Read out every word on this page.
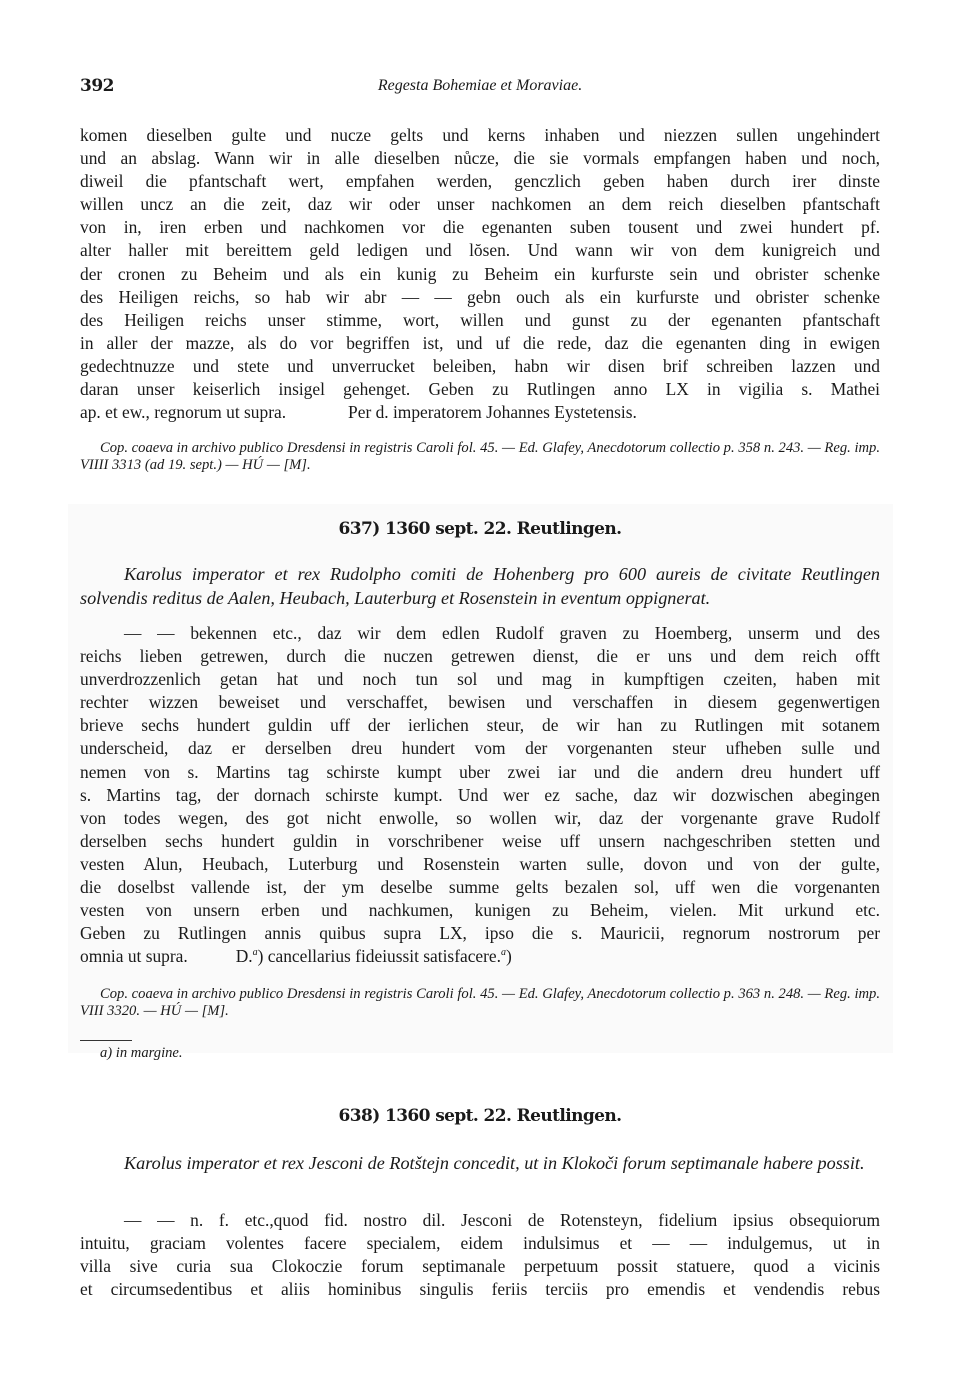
392	Regesta Bohemiae et Moraviae.

komen dieselben gulte und nucze gelts und kerns inhaben und niezzen sullen ungehindert

und an abslag. Wann wir in alle dieselben nůcze, die sie vormals empfangen haben und noch,

diweil die pfantschaft wert, empfahen werden, genczlich geben haben durch irer dinste

willen uncz an die zeit, daz wir oder unser nachkomen an dem reich dieselben pfantschaft

von in, iren erben und nachkomen vor die egenanten suben tousent und zwei hundert pf.

alter haller mit bereittem geld ledigen und lŏsen. Und wann wir von dem kunigreich und

der cronen zu Beheim und als ein kunig zu Beheim ein kurfurste sein und obrister schenke

des Heiligen reichs, so hab wir abr — — gebn ouch als ein kurfurste und obrister schenke

des Heiligen reichs unser stimme, wort, willen und gunst zu der egenanten pfantschaft

in aller der mazze, als do vor begriffen ist, und uf die rede, daz die egenanten ding in ewigen

gedechtnuzze und stete und unverrucket beleiben, habn wir disen brif schreiben lazzen und

daran unser keiserlich insigel gehenget. Geben zu Rutlingen anno LX in vigilia s. Mathei

ap. et ew., regnorum ut supra.	Per d. imperatorem Johannes Eystetensis.

Cop. coaeva in archivo publico Dresdensi in registris Caroli fol. 45. — Ed. Glafey, Anecdotorum collectio p. 358 n. 243. — Reg. imp. VIIII 3313 (ad 19. sept.) — HÚ — [M].

637) 1360 sept. 22. Reutlingen.

Karolus imperator et rex Rudolpho comiti de Hohenberg pro 600 aureis de civitate Reutlingen solvendis reditus de Aalen, Heubach, Lauterburg et Rosenstein in eventum oppignerat.

— — bekennen etc., daz wir dem edlen Rudolf graven zu Hoemberg, unserm und des

reichs lieben getrewen, durch die nuczen getrewen dienst, die er uns und dem reich offt

unverdrozzenlich getan hat und noch tun sol und mag in kumpftigen czeiten, haben mit

rechter wizzen beweiset und verschaffet, bewisen und verschaffen in diesem gegenwertigen

brieve sechs hundert guldin uff der ierlichen steur, de wir han zu Rutlingen mit sotanem

underscheid, daz er derselben dreu hundert vom der vorgenanten steur ufheben sulle und

nemen von s. Martins tag schirste kumpt uber zwei iar und die andern dreu hundert uff

s. Martins tag, der dornach schirste kumpt. Und wer ez sache, daz wir dozwischen abegingen

von todes wegen, des got nicht enwolle, so wollen wir, daz der vorgenante grave Rudolf

derselben sechs hundert guldin in vorschribener weise uff unsern nachgeschriben stetten und

vesten Alun, Heubach, Luterburg und Rosenstein warten sulle, dovon und von der gulte,

die doselbst vallende ist, der ym deselbe summe gelts bezalen sol, uff wen die vorgenanten

vesten von unsern erben und nachkumen, kunigen zu Beheim, vielen. Mit urkund etc.

Geben zu Rutlingen annis quibus supra LX, ipso die s. Mauricii, regnorum nostrorum per

omnia ut supra.	D.$^a$) cancellarius fideiussit satisfacere.$^a$)

Cop. coaeva in archivo publico Dresdensi in registris Caroli fol. 45. — Ed. Glafey, Anecdotorum collectio p. 363 n. 248. — Reg. imp. VIII 3320. — HÚ — [M].

a) in margine.
638) 1360 sept. 22. Reutlingen.

Karolus imperator et rex Jesconi de Rotštejn concedit, ut in Klokoči forum septimanale habere possit.

— — n. f. etc.,quod fid. nostro dil. Jesconi de Rotensteyn, fidelium ipsius obsequiorum

intuitu, graciam volentes facere specialem, eidem indulsimus et — — indulgemus, ut in

villa sive curia sua Clokoczie forum septimanale perpetuum possit statuere, quod a vicinis

et circumsedentibus et aliis hominibus singulis feriis terciis pro emendis et vendendis rebus
